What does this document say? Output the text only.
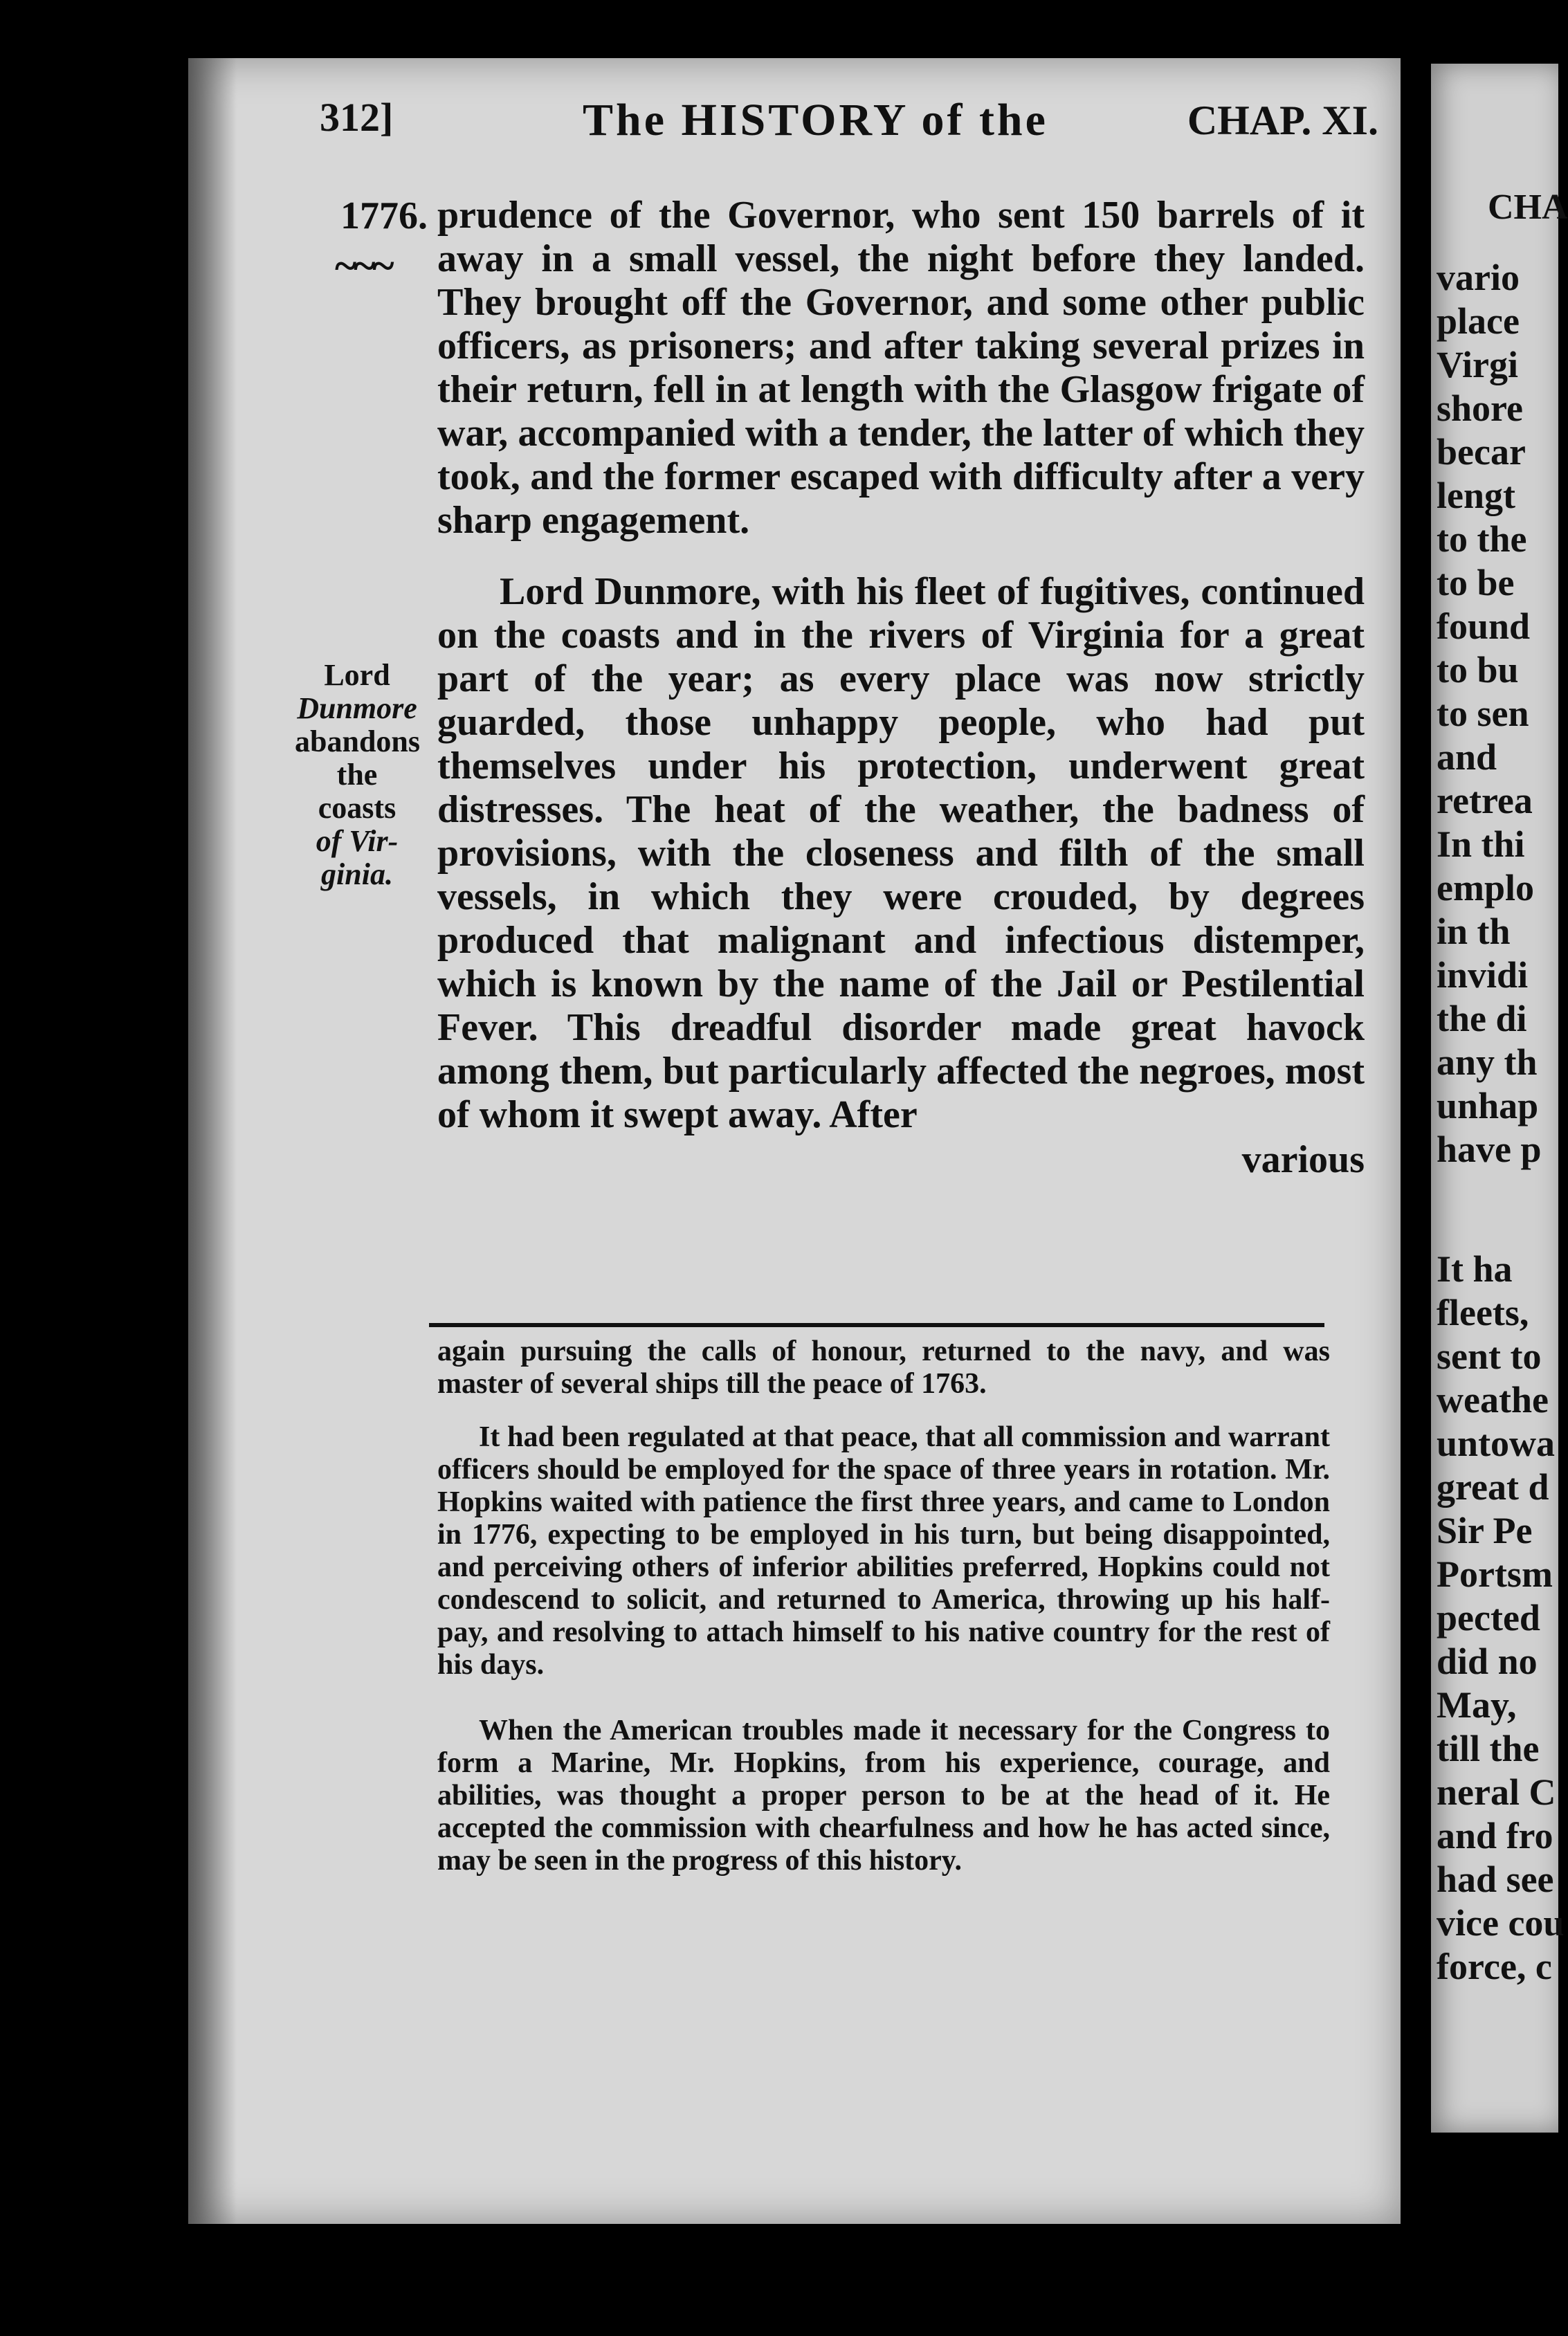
312]	The HISTORY of the	CHAP. XI.
1776.
~~~
Lord
Dunmore
abandons
the coasts
of Vir-
ginia.

prudence of the Governor, who sent 150 barrels of it away in a small vessel, the night before they landed. They brought off the Governor, and some other public officers, as prisoners; and after taking several prizes in their return, fell in at length with the Glasgow frigate of war, accompanied with a tender, the latter of which they took, and the former escaped with difficulty after a very sharp engagement.

Lord Dunmore, with his fleet of fugitives, continued on the coasts and in the rivers of Virginia for a great part of the year; as every place was now strictly guarded, those unhappy people, who had put themselves under his protection, underwent great distresses. The heat of the weather, the badness of provisions, with the closeness and filth of the small vessels, in which they were crouded, by degrees produced that malignant and infectious distemper, which is known by the name of the Jail or Pestilential Fever. This dreadful disorder made great havock among them, but particularly affected the negroes, most of whom it swept away. After

various

again pursuing the calls of honour, returned to the navy, and was master of several ships till the peace of 1763.

It had been regulated at that peace, that all commission and warrant officers should be employed for the space of three years in rotation. Mr. Hopkins waited with patience the first three years, and came to London in 1776, expecting to be employed in his turn, but being disappointed, and perceiving others of inferior abilities preferred, Hopkins could not condescend to solicit, and returned to America, throwing up his half-pay, and resolving to attach himself to his native country for the rest of his days.

When the American troubles made it necessary for the Congress to form a Marine, Mr. Hopkins, from his experience, courage, and abilities, was thought a proper person to be at the head of it. He accepted the commission with chearfulness and how he has acted since, may be seen in the progress of this history.

CHA
vario
place
Virgi
shore
becar
lengt
to the
to be
found
to bu
to sen
and
retrea
In thi
emplo
in th
invidi
the di
any th
unhap
have p
It ha
fleets,
sent to
weathe
untowa
great d
Sir Pe
Portsm
pected
did no
May,
till the
neral C
and fro
had see
vice cou
force, c
